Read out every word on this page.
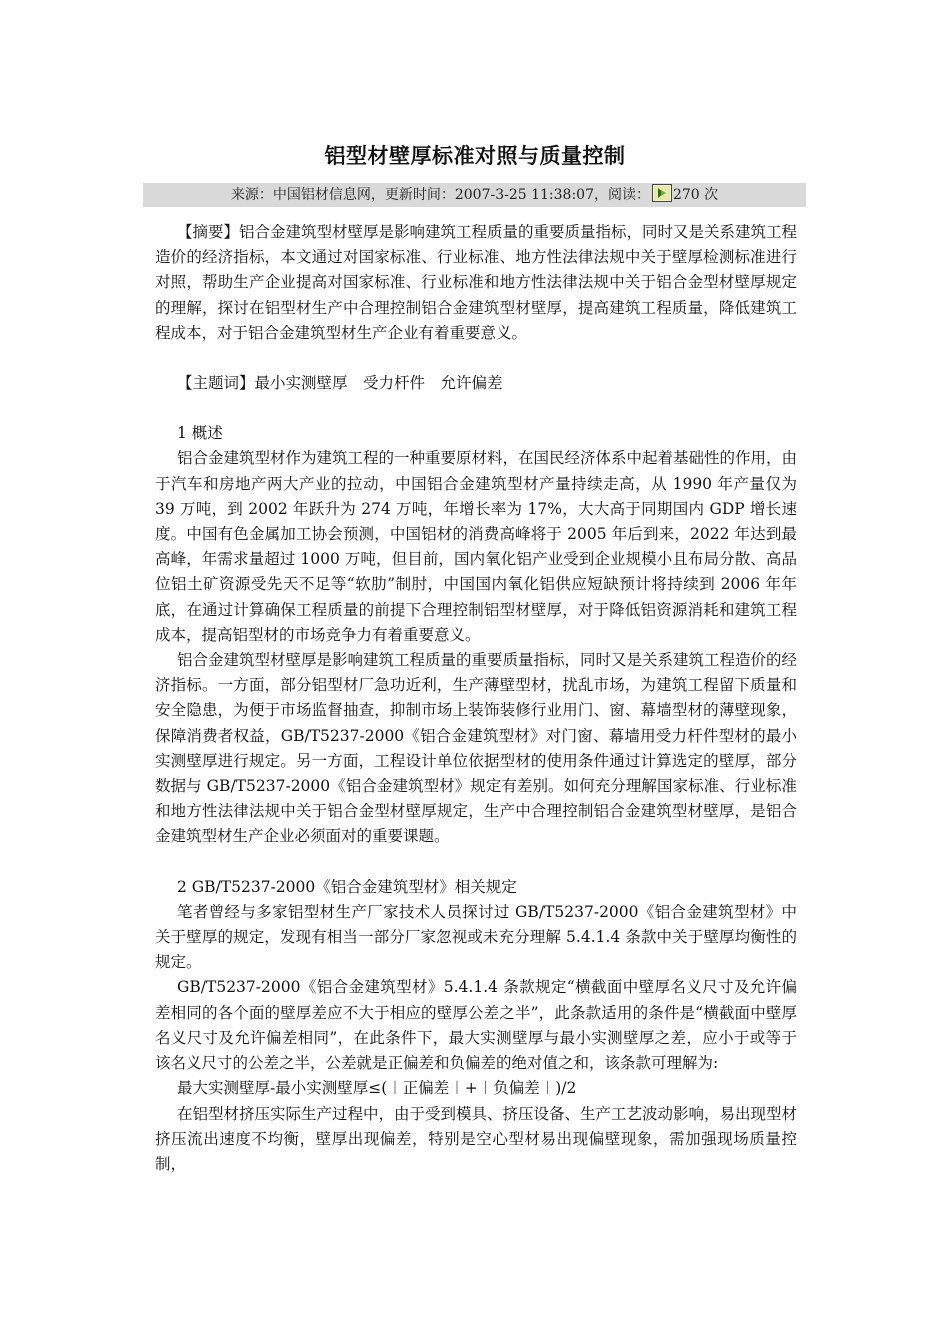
铝型材壁厚标准对照与质量控制
来源：中国铝材信息网，更新时间：2007-3-25 11:38:07，阅读： 270 次

【摘要】铝合金建筑型材壁厚是影响建筑工程质量的重要质量指标，同时又是关系建筑工程造价的经济指标，本文通过对国家标准、行业标准、地方性法律法规中关于壁厚检测标准进行对照，帮助生产企业提高对国家标准、行业标准和地方性法律法规中关于铝合金型材壁厚规定的理解，探讨在铝型材生产中合理控制铝合金建筑型材壁厚，提高建筑工程质量，降低建筑工程成本，对于铝合金建筑型材生产企业有着重要意义。

【主题词】最小实测壁厚　受力杆件　允许偏差

1 概述

铝合金建筑型材作为建筑工程的一种重要原材料，在国民经济体系中起着基础性的作用，由于汽车和房地产两大产业的拉动，中国铝合金建筑型材产量持续走高，从 1990 年产量仅为 39 万吨，到 2002 年跃升为 274 万吨，年增长率为 17%，大大高于同期国内 GDP 增长速度。中国有色金属加工协会预测，中国铝材的消费高峰将于 2005 年后到来，2022 年达到最高峰，年需求量超过 1000 万吨，但目前，国内氧化铝产业受到企业规模小且布局分散、高品位铝土矿资源受先天不足等“软肋”制肘，中国国内氧化铝供应短缺预计将持续到 2006 年年底，在通过计算确保工程质量的前提下合理控制铝型材壁厚，对于降低铝资源消耗和建筑工程成本，提高铝型材的市场竞争力有着重要意义。

铝合金建筑型材壁厚是影响建筑工程质量的重要质量指标，同时又是关系建筑工程造价的经济指标。一方面，部分铝型材厂急功近利，生产薄壁型材，扰乱市场，为建筑工程留下质量和安全隐患，为便于市场监督抽查，抑制市场上装饰装修行业用门、窗、幕墙型材的薄壁现象，保障消费者权益，GB/T5237-2000《铝合金建筑型材》对门窗、幕墙用受力杆件型材的最小实测壁厚进行规定。另一方面，工程设计单位依据型材的使用条件通过计算选定的壁厚，部分数据与 GB/T5237-2000《铝合金建筑型材》规定有差别。如何充分理解国家标准、行业标准和地方性法律法规中关于铝合金型材壁厚规定，生产中合理控制铝合金建筑型材壁厚，是铝合金建筑型材生产企业必须面对的重要课题。

2 GB/T5237-2000《铝合金建筑型材》相关规定

笔者曾经与多家铝型材生产厂家技术人员探讨过 GB/T5237-2000《铝合金建筑型材》中关于壁厚的规定，发现有相当一部分厂家忽视或未充分理解 5.4.1.4 条款中关于壁厚均衡性的规定。

GB/T5237-2000《铝合金建筑型材》5.4.1.4 条款规定“横截面中壁厚名义尺寸及允许偏差相同的各个面的壁厚差应不大于相应的壁厚公差之半”，此条款适用的条件是“横截面中壁厚名义尺寸及允许偏差相同”，在此条件下，最大实测壁厚与最小实测壁厚之差，应小于或等于该名义尺寸的公差之半，公差就是正偏差和负偏差的绝对值之和，该条款可理解为:

最大实测壁厚-最小实测壁厚≤(︱正偏差︱+︱负偏差︱)/2

在铝型材挤压实际生产过程中，由于受到模具、挤压设备、生产工艺波动影响，易出现型材挤压流出速度不均衡，壁厚出现偏差，特别是空心型材易出现偏壁现象，需加强现场质量控制，
